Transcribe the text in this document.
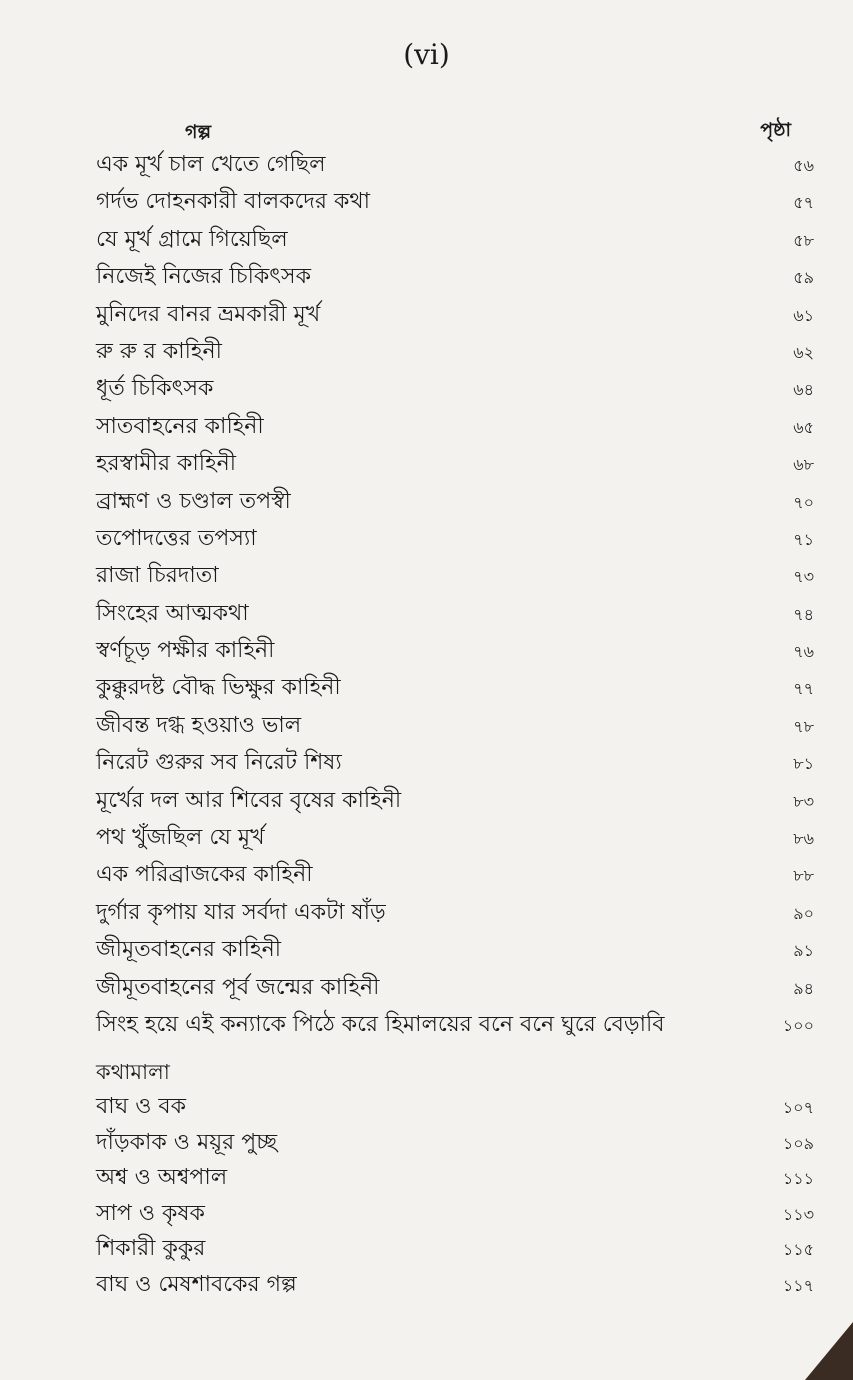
(vi)
গল্প	পৃষ্ঠা
এক মূর্খ চাল খেতে গেছিল	৫৬
গর্দভ দোহনকারী বালকদের কথা	৫৭
যে মূর্খ গ্রামে গিয়েছিল	৫৮
নিজেই নিজের চিকিৎসক	৫৯
মুনিদের বানর ভ্রমকারী মূর্খ	৬১
রু রু র কাহিনী	৬২
ধূর্ত চিকিৎসক	৬৪
সাতবাহনের কাহিনী	৬৫
হরস্বামীর কাহিনী	৬৮
ব্রাহ্মণ ও চণ্ডাল তপস্বী	৭০
তপোদত্তের তপস্যা	৭১
রাজা চিরদাতা	৭৩
সিংহের আত্মকথা	৭৪
স্বর্ণচূড় পক্ষীর কাহিনী	৭৬
কুক্কুরদষ্ট বৌদ্ধ ভিক্ষুর কাহিনী	৭৭
জীবন্ত দগ্ধ হওয়াও ভাল	৭৮
নিরেট গুরুর সব নিরেট শিষ্য	৮১
মূর্খের দল আর শিবের বৃষের কাহিনী	৮৩
পথ খুঁজছিল যে মূর্খ	৮৬
এক পরিব্রাজকের কাহিনী	৮৮
দুর্গার কৃপায় যার সর্বদা একটা ষাঁড়	৯০
জীমূতবাহনের কাহিনী	৯১
জীমূতবাহনের পূর্ব জন্মের কাহিনী	৯৪
সিংহ হয়ে এই কন্যাকে পিঠে করে হিমালয়ের বনে বনে ঘুরে বেড়াবি	১০০
কথামালা
বাঘ ও বক	১০৭
দাঁড়কাক ও ময়ূর পুচ্ছ	১০৯
অশ্ব ও অশ্বপাল	১১১
সাপ ও কৃষক	১১৩
শিকারী কুকুর	১১৫
বাঘ ও মেষশাবকের গল্প	১১৭
